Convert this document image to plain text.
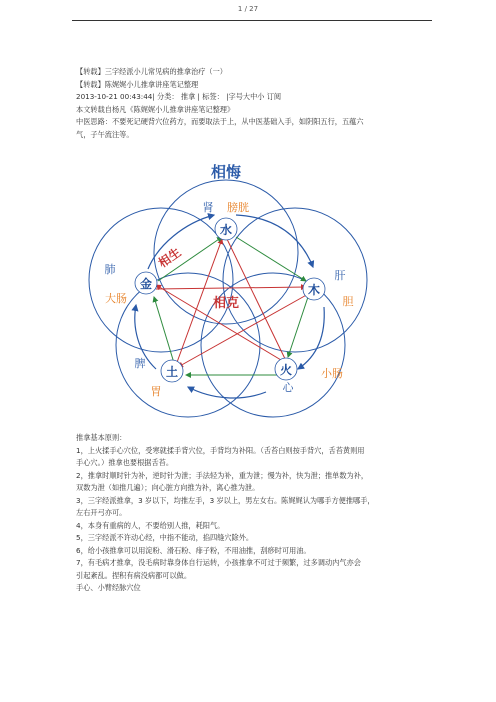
1 / 27
【转载】三字经派小儿常见病的推拿治疗（一）
【转载】陈娓娓小儿推拿讲座笔记整理
2013-10-21 00:43:44| 分类： 推拿 | 标签： |字号大中小 订阅
本文转载自杨凡《陈娓娓小儿推拿讲座笔记整理》
中医思路：不要死记硬背穴位药方，而要取法于上，从中医基础入手，如阴阳五行，五蕴六
气，子午流注等。
相悔
相生
相克
水
木
火
土
金
肾 膀胱
肝
胆
肺
大肠
脾
胃	心
小肠
推拿基本原则：
1，上火揉手心穴位，受寒就揉手背穴位，手背均为补阳。（舌苔白则按手背穴，舌苔黄则用
手心穴。）推拿也要根据舌苔。
2，推拿时顺时针为补，逆时针为泄；手法轻为补，重为泄；慢为补，快为泄；推单数为补，
双数为泄（如推几遍）；向心脏方向推为补，离心推为泄。
3，三字经派推拿，3 岁以下，均推左手，3 岁以上，男左女右。陈娓娓认为哪手方便推哪手，
左右开弓亦可。
4，本身有重病的人，不要给别人推，耗阳气。
5，三字经派不许动心经，中指不能动，掐四缝穴除外。
6，给小孩推拿可以用淀粉、滑石粉、痱子粉，不用油推，刮痧时可用油。
7，有毛病才推拿，没毛病时靠身体自行运转，小孩推拿不可过于频繁，过多调动内气亦会
引起紊乱。捏积有病没病都可以做。
手心、小臂经脉穴位
